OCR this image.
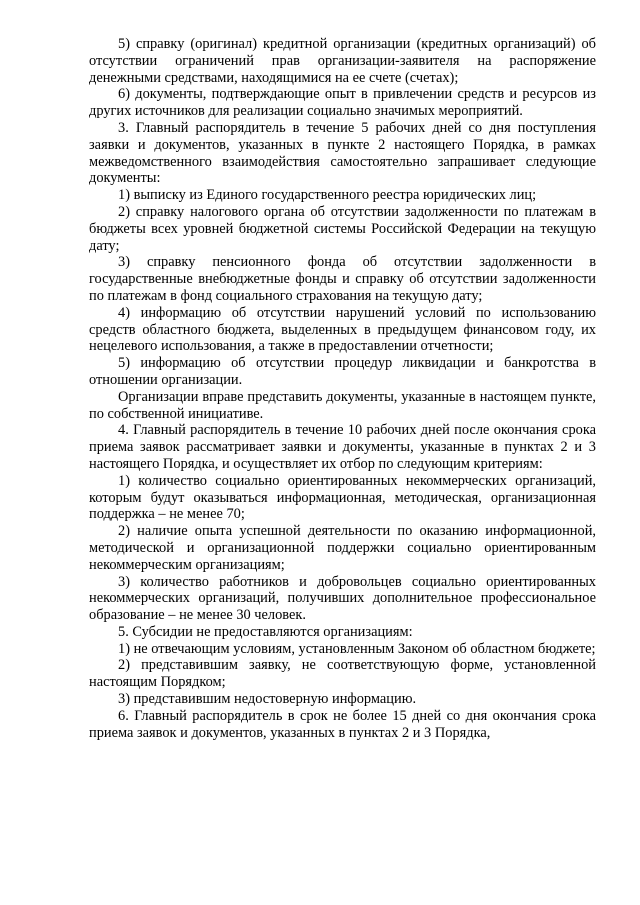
5) справку (оригинал) кредитной организации (кредитных организаций) об отсутствии ограничений прав организации-заявителя на распоряжение денежными средствами, находящимися на ее счете (счетах);

6) документы, подтверждающие опыт в привлечении средств и ресурсов из других источников для реализации социально значимых мероприятий.

3. Главный распорядитель в течение 5 рабочих дней со дня поступления заявки и документов, указанных в пункте 2 настоящего Порядка, в рамках межведомственного взаимодействия самостоятельно запрашивает следующие документы:

1) выписку из Единого государственного реестра юридических лиц;

2) справку налогового органа об отсутствии задолженности по платежам в бюджеты всех уровней бюджетной системы Российской Федерации на текущую дату;

3) справку пенсионного фонда об отсутствии задолженности в государственные внебюджетные фонды и справку об отсутствии задолженности по платежам в фонд социального страхования на текущую дату;

4) информацию об отсутствии нарушений условий по использованию средств областного бюджета, выделенных в предыдущем финансовом году, их нецелевого использования, а также в предоставлении отчетности;

5) информацию об отсутствии процедур ликвидации и банкротства в отношении организации.

Организации вправе представить документы, указанные в настоящем пункте, по собственной инициативе.

4. Главный распорядитель в течение 10 рабочих дней после окончания срока приема заявок рассматривает заявки и документы, указанные в пунктах 2 и 3 настоящего Порядка, и осуществляет их отбор по следующим критериям:

1) количество социально ориентированных некоммерческих организаций, которым будут оказываться информационная, методическая, организационная поддержка – не менее 70;

2) наличие опыта успешной деятельности по оказанию информационной, методической и организационной поддержки социально ориентированным некоммерческим организациям;

3) количество работников и добровольцев социально ориентированных некоммерческих организаций, получивших дополнительное профессиональное образование – не менее 30 человек.

5. Субсидии не предоставляются организациям:

1) не отвечающим условиям, установленным Законом об областном бюджете;

2) представившим заявку, не соответствующую форме, установленной настоящим Порядком;

3) представившим недостоверную информацию.

6. Главный распорядитель в срок не более 15 дней со дня окончания срока приема заявок и документов, указанных в пунктах 2 и 3 Порядка,
